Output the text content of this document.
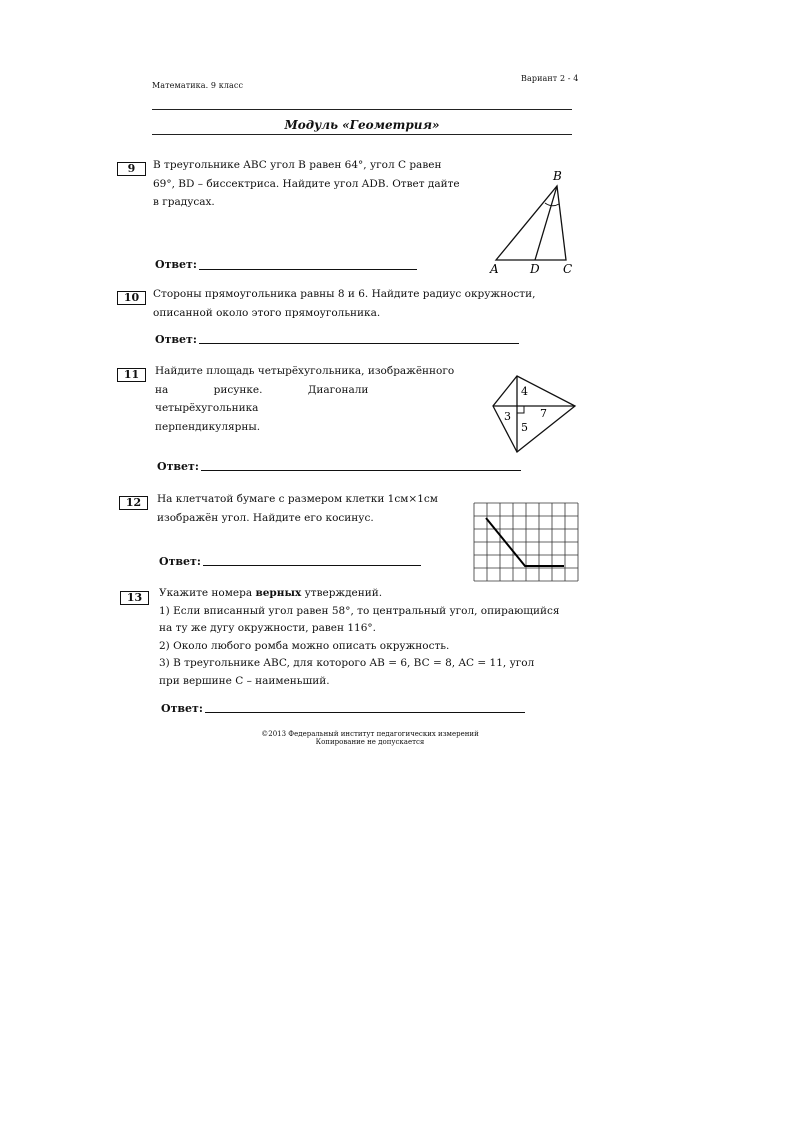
Математика. 9 класс
Вариант 2 - 4
Модуль «Геометрия»
9	В треугольнике ABC угол B равен 64°, угол C равен

69°, BD – биссектриса. Найдите угол ADB. Ответ дайте

в градусах.

Ответ:
B
A	D C
10	Стороны прямоугольника равны 8 и 6. Найдите радиус окружности,

описанной около этого прямоугольника.

Ответ:
11	Найдите площадь четырёхугольника, изображённого

на рисунке. Диагонали четырёхугольника

перпендикулярны.

Ответ:
4
3	7
5
12	На клетчатой бумаге с размером клетки 1см×1см

изображён угол. Найдите его косинус.

Ответ:
13	Укажите номера верных утверждений.

1) Если вписанный угол равен 58°, то центральный угол, опирающийся

на ту же дугу окружности, равен 116°.

2) Около любого ромба можно описать окружность.

3) В треугольнике ABC, для которого AB = 6, BC = 8, AC = 11, угол

при вершине C – наименьший.

Ответ:
©2013 Федеральный институт педагогических измерений
Копирование не допускается
